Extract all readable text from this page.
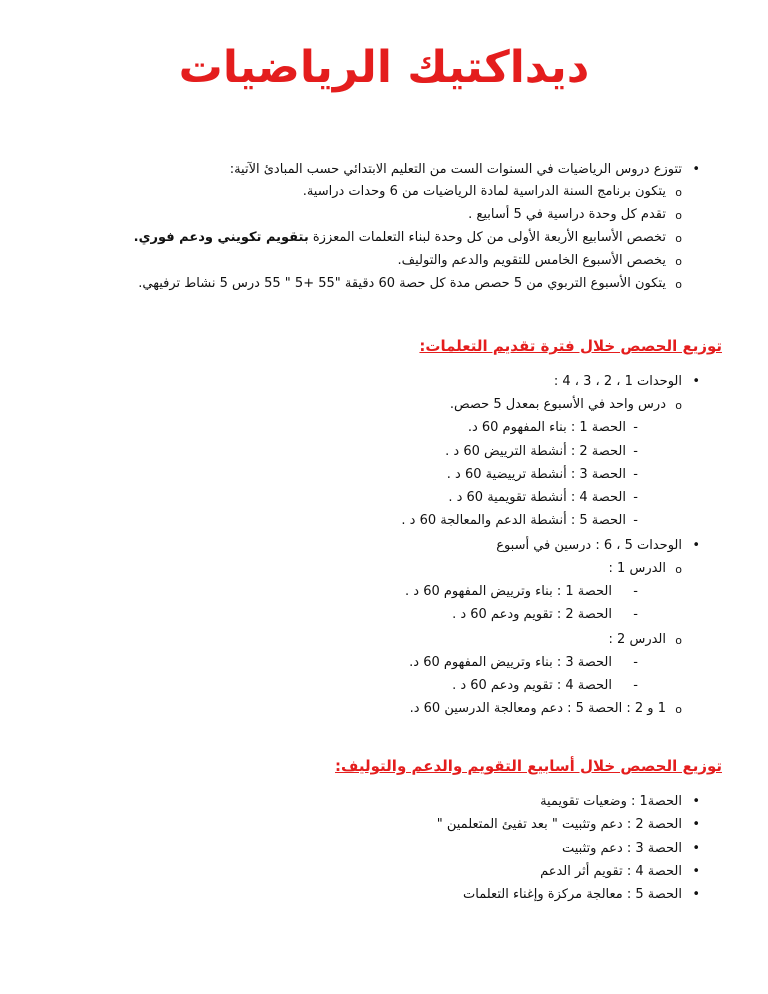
ديداكتيك الرياضيات
• تتوزع دروس الرياضيات في السنوات الست من التعليم الابتدائي حسب المبادئ الآتية:
o
يتكون برنامج السنة الدراسية لمادة الرياضيات من 6 وحدات دراسية.
o
تقدم كل وحدة دراسية في 5 أسابيع .
o
تخصص الأسابيع الأربعة الأولى من كل وحدة لبناء التعلمات المعززة بتقويم تكويني ودعم فوري.
o
يخصص الأسبوع الخامس للتقويم والدعم والتوليف.
o
يتكون الأسبوع التربوي من 5 حصص مدة كل حصة 60 دقيقة "55 +5 " 55 درس 5 نشاط ترفيهي.
توزيع الحصص خلال فترة تقديم التعلمات:
• الوحدات 1 ، 2 ، 3 ، 4 :
o
درس واحد في الأسبوع بمعدل 5 حصص.
-
الحصة 1 : بناء المفهوم 60 د.
-
الحصة 2 : أنشطة الترييض 60 د .
-
الحصة 3 : أنشطة ترييضية 60 د .
-
الحصة 4 : أنشطة تقويمية 60 د .
-
الحصة 5 : أنشطة الدعم والمعالجة 60 د .
• الوحدات 5 ، 6 : درسين في أسبوع
o
الدرس 1 :
-
الحصة 1 : بناء وترييض المفهوم 60 د .
-
الحصة 2 : تقويم ودعم 60 د .
o
الدرس 2 :
-
الحصة 3 : بناء وترييض المفهوم 60 د.
-
الحصة 4 : تقويم ودعم 60 د .
o
1 و 2 : الحصة 5 : دعم ومعالجة الدرسين 60 د.
توزيع الحصص خلال أسابيع التقويم والدعم والتوليف:
• الحصة1 : وضعيات تقويمية
• الحصة 2 : دعم وتثبيت " بعد تفيئ المتعلمين "
• الحصة 3 : دعم وتثبيت
• الحصة 4 : تقويم أثر الدعم
• الحصة 5 : معالجة مركزة وإغناء التعلمات
